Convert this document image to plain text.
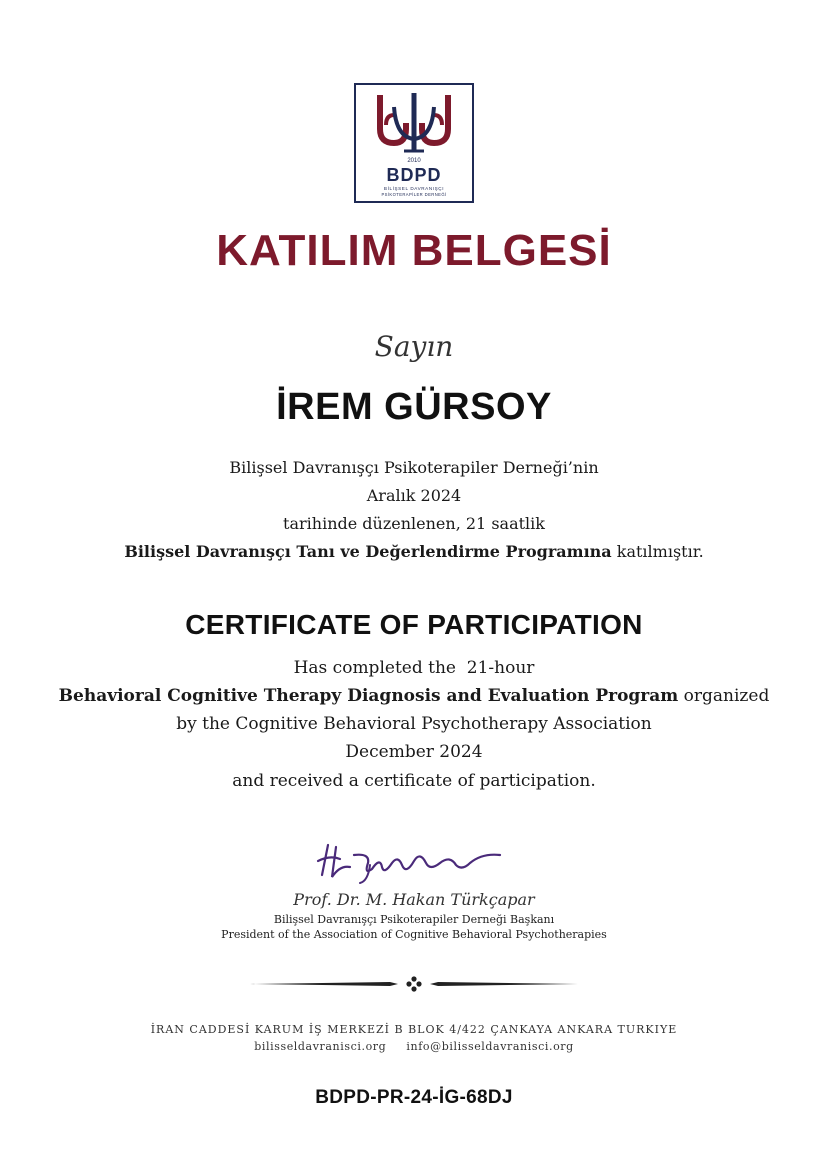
2010
BDPD
BİLİŞSEL DAVRANIŞÇI
PSİKOTERAPİLER DERNEĞİ
KATILIM BELGESİ
Sayın
İREM GÜRSOY
Bilişsel Davranışçı Psikoterapiler Derneği’nin
Aralık 2024
tarihinde düzenlenen, 21 saatlik
Bilişsel Davranışçı Tanı ve Değerlendirme Programına katılmıştır.
CERTIFICATE OF PARTICIPATION
Has completed the  21-hour
Behavioral Cognitive Therapy Diagnosis and Evaluation Program organized
by the Cognitive Behavioral Psychotherapy Association
December 2024
and received a certificate of participation.
Prof. Dr. M. Hakan Türkçapar
Bilişsel Davranışçı Psikoterapiler Derneği Başkanı
President of the Association of Cognitive Behavioral Psychotherapies
İRAN CADDESİ KARUM İŞ MERKEZİ B BLOK 4/422 ÇANKAYA ANKARA TURKIYE
bilisseldavranisci.org info@bilisseldavranisci.org
BDPD-PR-24-İG-68DJ
